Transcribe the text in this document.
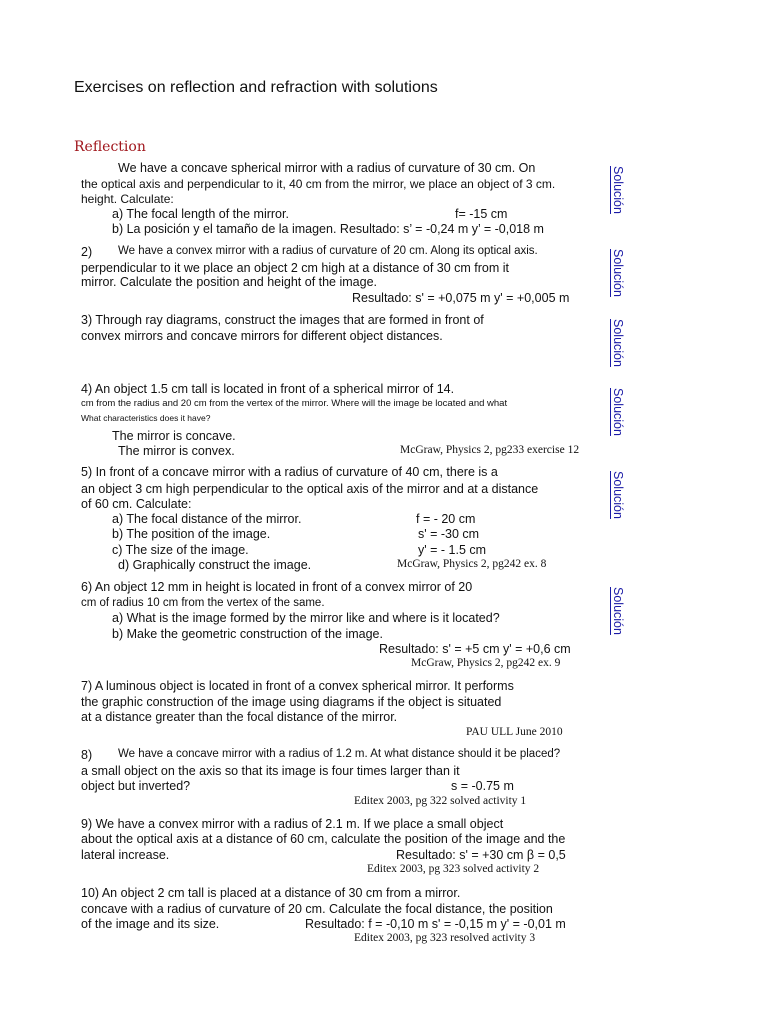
Exercises on reflection and refraction with solutions
Reflection
We have a concave spherical mirror with a radius of curvature of 30 cm. On
the optical axis and perpendicular to it, 40 cm from the mirror, we place an object of 3 cm.
height. Calculate:
a) The focal length of the mirror.	f= -15 cm
b) La posición y el tamaño de la imagen. Resultado: s’ = -0,24 m y’ = -0,018 m
2) We have a convex mirror with a radius of curvature of 20 cm. Along its optical axis.
perpendicular to it we place an object 2 cm high at a distance of 30 cm from it
mirror. Calculate the position and height of the image.
Resultado: s' = +0,075 m y' = +0,005 m
3) Through ray diagrams, construct the images that are formed in front of
convex mirrors and concave mirrors for different object distances.
4) An object 1.5 cm tall is located in front of a spherical mirror of 14.
cm from the radius and 20 cm from the vertex of the mirror. Where will the image be located and what
What characteristics does it have?
The mirror is concave.
The mirror is convex.	McGraw, Physics 2, pg233 exercise 12
5) In front of a concave mirror with a radius of curvature of 40 cm, there is a
an object 3 cm high perpendicular to the optical axis of the mirror and at a distance
of 60 cm. Calculate:
a) The focal distance of the mirror.	f = - 20 cm
b) The position of the image.	s' = -30 cm
c) The size of the image.	y' = - 1.5 cm
d) Graphically construct the image.	McGraw, Physics 2, pg242 ex. 8
6) An object 12 mm in height is located in front of a convex mirror of 20
cm of radius 10 cm from the vertex of the same.
a) What is the image formed by the mirror like and where is it located?
b) Make the geometric construction of the image.
Resultado: s' = +5 cm y' = +0,6 cm
McGraw, Physics 2, pg242 ex. 9
7) A luminous object is located in front of a convex spherical mirror. It performs
the graphic construction of the image using diagrams if the object is situated
at a distance greater than the focal distance of the mirror.
PAU ULL June 2010
8) We have a concave mirror with a radius of 1.2 m. At what distance should it be placed?
a small object on the axis so that its image is four times larger than it
object but inverted?	s = -0.75 m
Editex 2003, pg 322 solved activity 1
9) We have a convex mirror with a radius of 2.1 m. If we place a small object
about the optical axis at a distance of 60 cm, calculate the position of the image and the
lateral increase.	Resultado: s' = +30 cm β = 0,5
Editex 2003, pg 323 solved activity 2
10) An object 2 cm tall is placed at a distance of 30 cm from a mirror.
concave with a radius of curvature of 20 cm. Calculate the focal distance, the position
of the image and its size.	Resultado: f = -0,10 m s' = -0,15 m y' = -0,01 m
Editex 2003, pg 323 resolved activity 3
Solución
Solución
Solución
Solución
Solución
Solución
